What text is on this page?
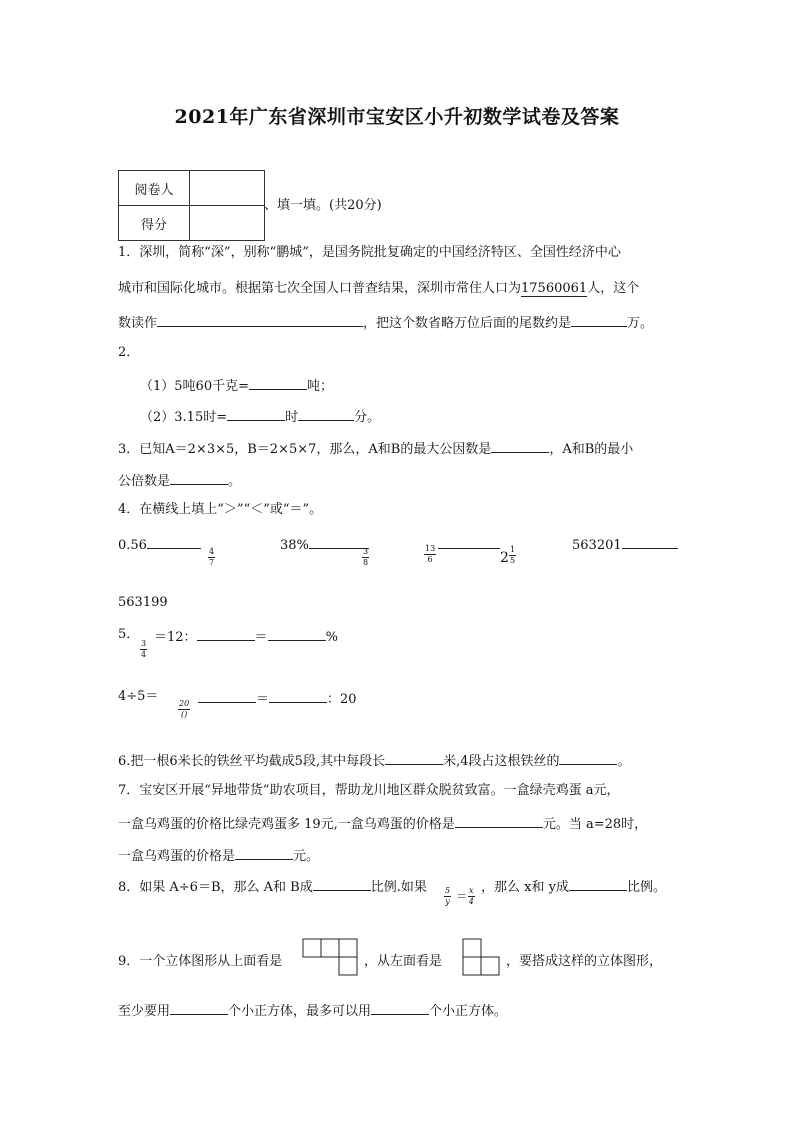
2021年广东省深圳市宝安区小升初数学试卷及答案
阅卷人	
得分	
、填一填。(共20分)
1．深圳，简称“深”，别称“鹏城”，是国务院批复确定的中国经济特区、全国性经济中心
城市和国际化城市。根据第七次全国人口普查结果，深圳市常住人口为17560061人，这个
数读作	，把这个数省略万位后面的尾数约是	万。
2．
（1）5吨60千克=	吨；
（2）3.15时=	时	分。
3．已知A＝2×3×5，B＝2×5×7，那么，A和B的最大公因数是	，A和B的最小
公倍数是	。
4．在横线上填上“＞”“＜”或“＝”。
0.56
$\frac{4}{7}$
38%
$\frac{3}{8}$	$\frac{13}{6}$	$2 \frac{1}{5}$
563201
563199
5．
$\frac{3}{4}$
＝12：	＝	%
4÷5＝	20
()
＝	：20
6.把一根6米长的铁丝平均截成5段,其中每段长	米,4段占这根铁丝的	。
7．宝安区开展“异地带货”助农项目，帮助龙川地区群众脱贫致富。一盒绿壳鸡蛋 a元，
一盒乌鸡蛋的价格比绿壳鸡蛋多 19元,一盒乌鸡蛋的价格是	元。当 a=28时，
一盒乌鸡蛋的价格是	元。
8．如果 A÷6＝B，那么 A和 B成	比例.如果 $\frac{5}{y} = \frac{x}{4}$ ，那么 x和 y成	比例。
9．一个立体图形从上面看是	，从左面看是	，要搭成这样的立体图形，
至少要用	个小正方体，最多可以用	个小正方体。
